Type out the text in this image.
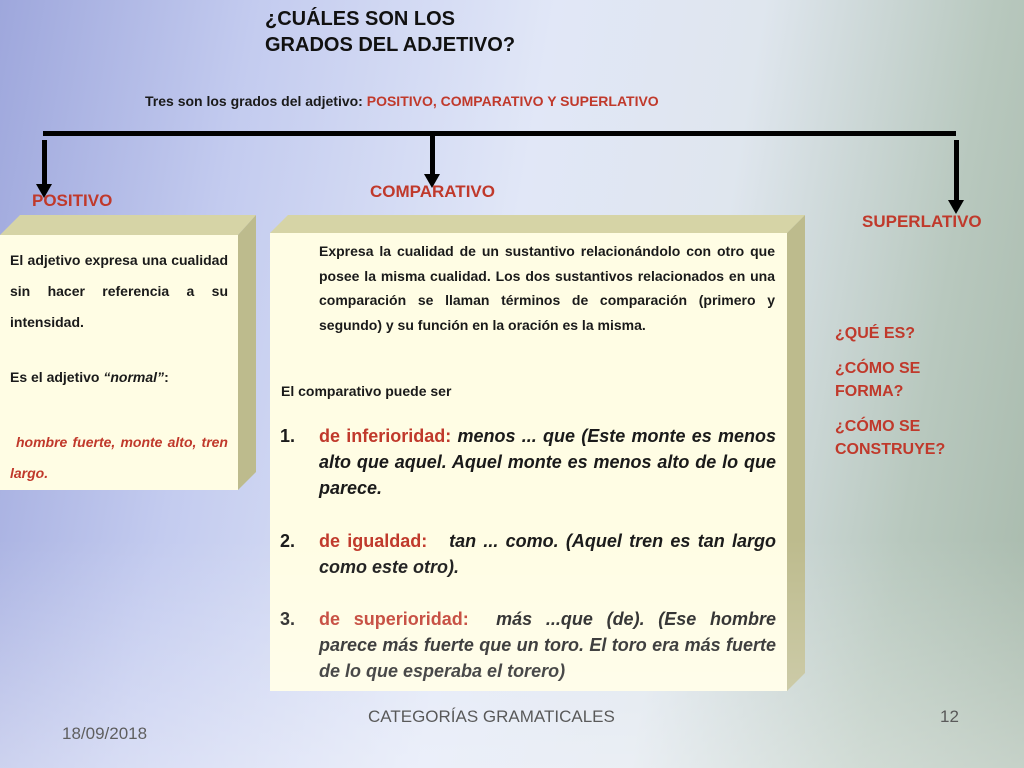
¿CUÁLES SON LOS
GRADOS DEL ADJETIVO?
Tres son los grados del adjetivo: POSITIVO, COMPARATIVO Y SUPERLATIVO
POSITIVO	COMPARATIVO
SUPERLATIVO
El adjetivo expresa una cualidad sin hacer referencia a su intensidad.
Es el adjetivo “normal”:
hombre fuerte, monte alto, tren largo.
Expresa la cualidad de un sustantivo relacionándolo con otro que posee la misma cualidad. Los dos sustantivos relacionados en una comparación se llaman términos de comparación (primero y segundo) y su función en la oración es la misma.
El comparativo puede ser
1.	de inferioridad: menos ... que (Este monte es menos alto que aquel. Aquel monte es menos alto de lo que parece.
2.	de igualdad:   tan ... como. (Aquel tren es tan largo como este otro).
3.	de superioridad:  más ...que (de). (Ese hombre parece más fuerte que un toro. El toro era más fuerte de lo que esperaba el torero)
¿QUÉ ES?
¿CÓMO SE FORMA?
¿CÓMO SE CONSTRUYE?
18/09/2018
CATEGORÍAS GRAMATICALES	12
